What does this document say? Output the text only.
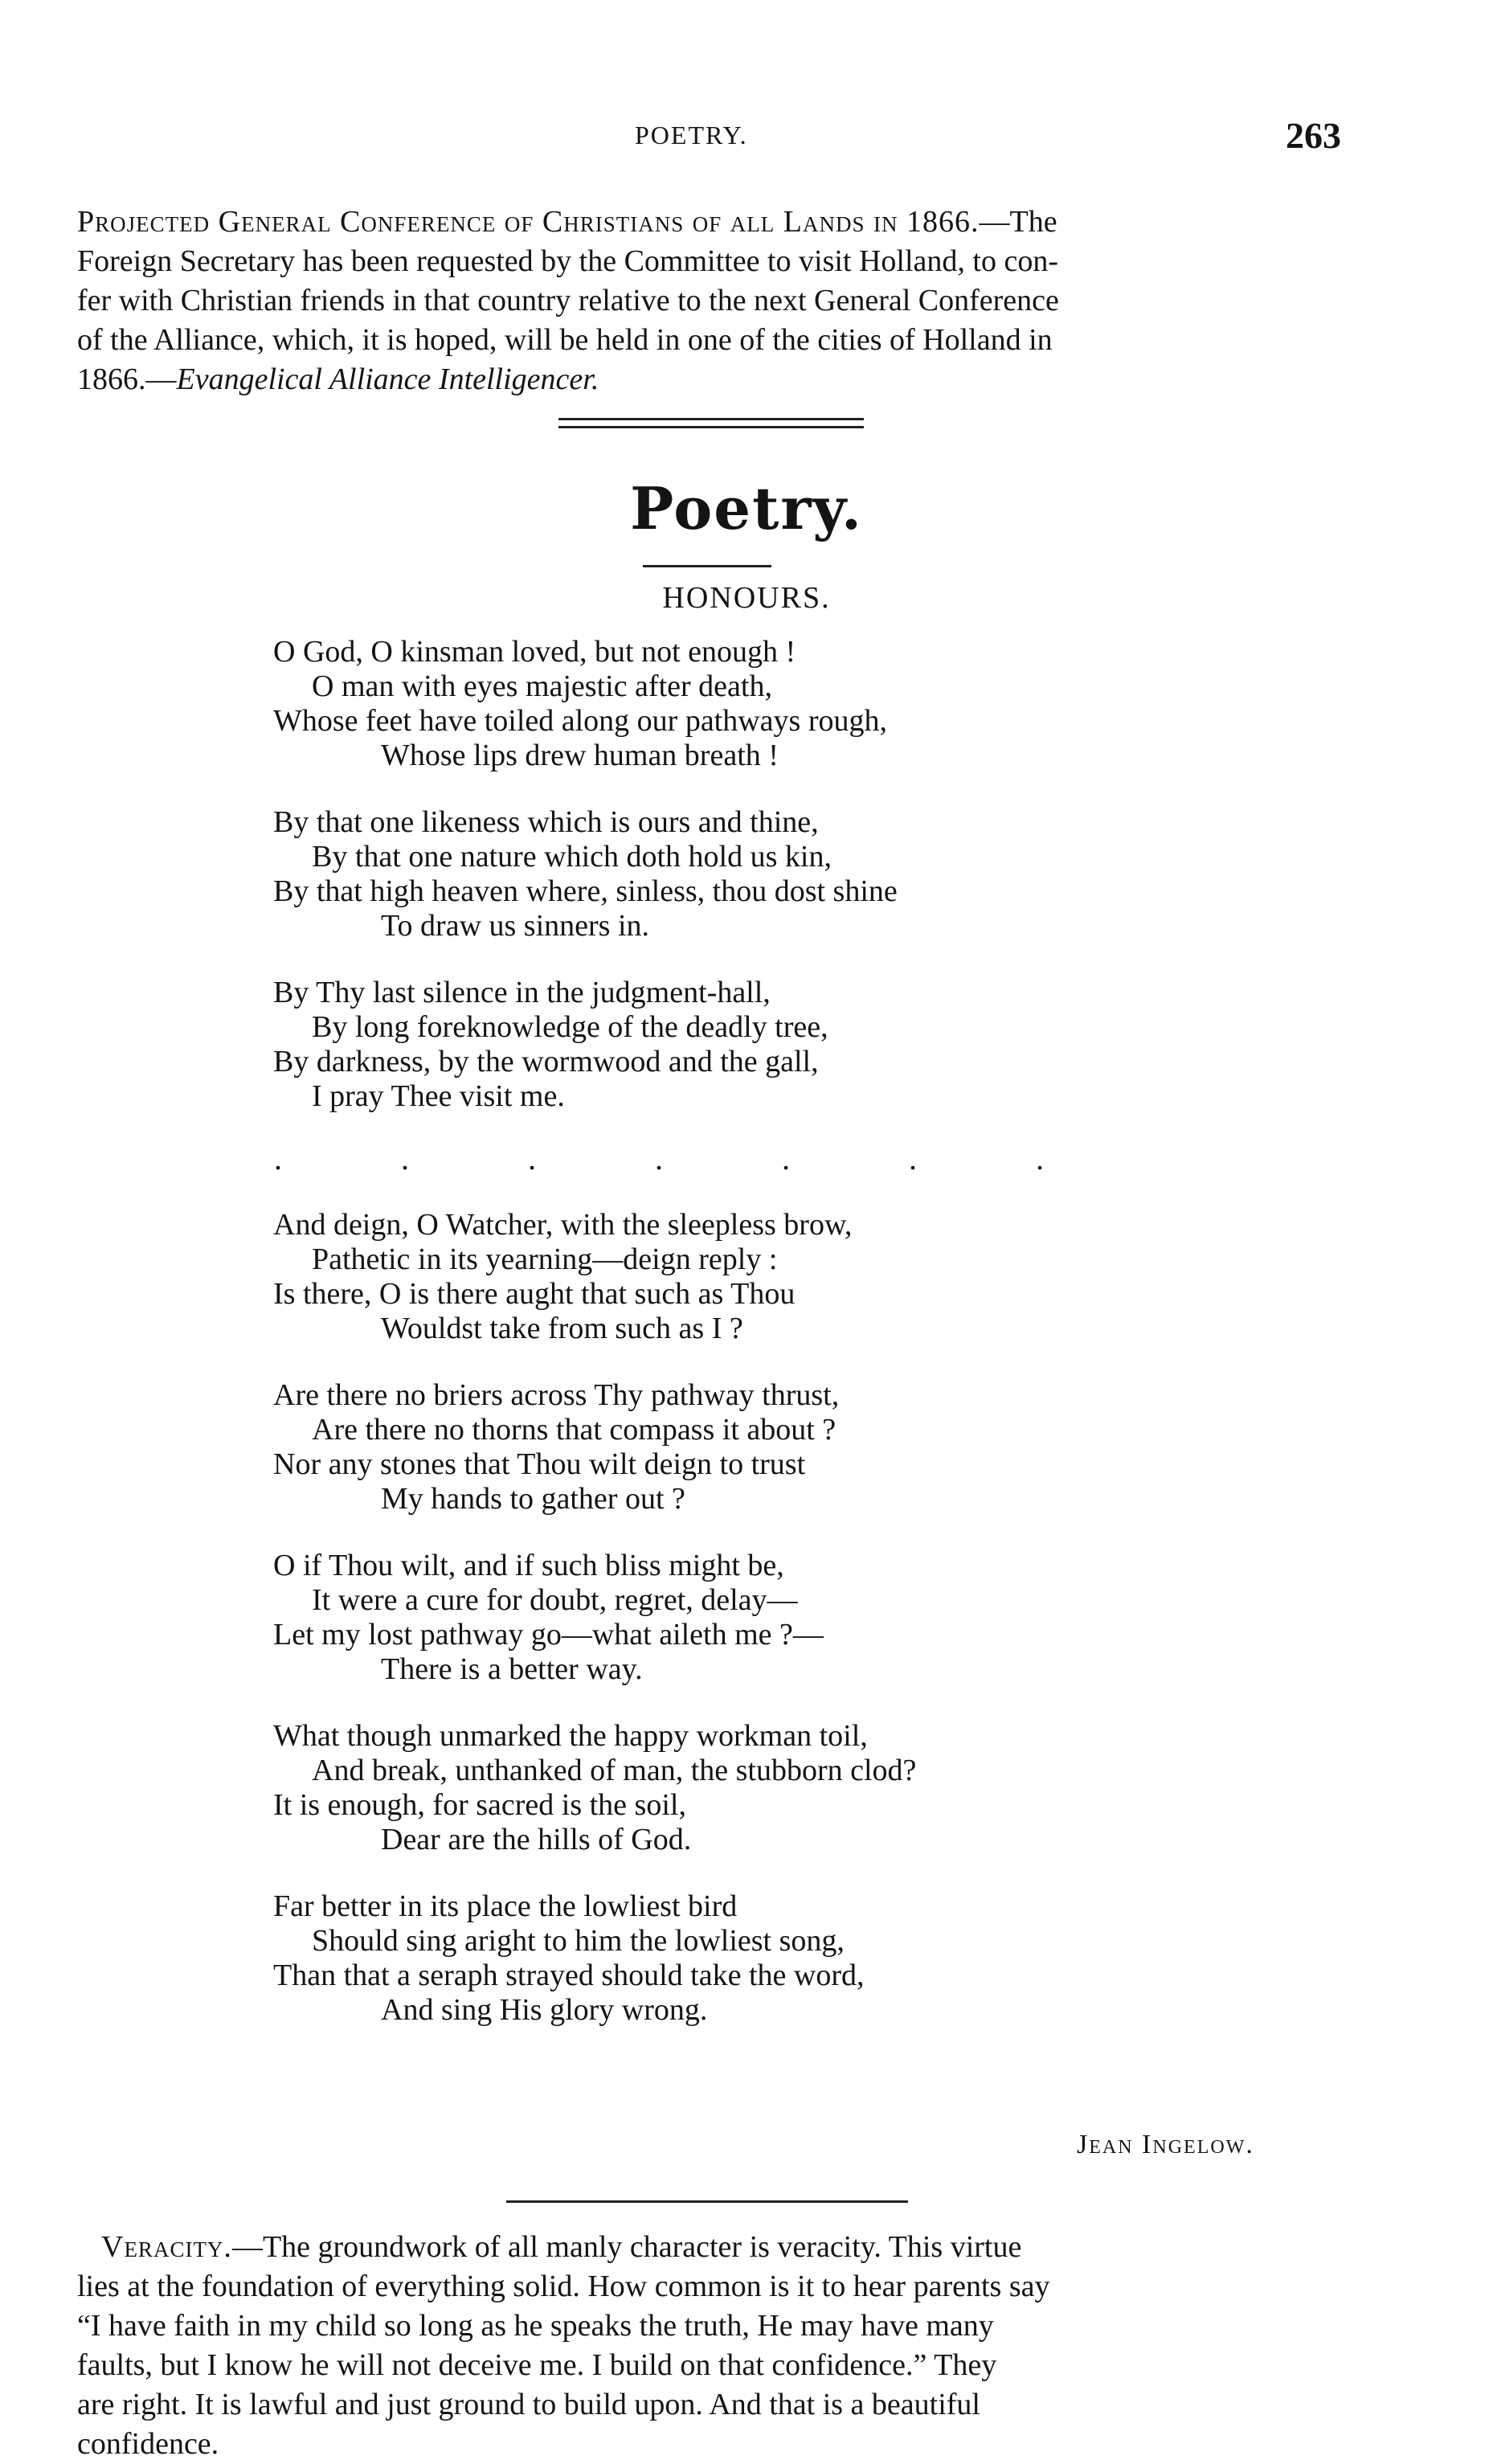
POETRY.	263
Projected General Conference of Christians of all Lands in 1866.—The
Foreign Secretary has been requested by the Committee to visit Holland, to con-
fer with Christian friends in that country relative to the next General Conference
of the Alliance, which, it is hoped, will be held in one of the cities of Holland in
1866.—Evangelical Alliance Intelligencer.
Poetry.
HONOURS.
O God, O kinsman loved, but not enough !
O man with eyes majestic after death,
Whose feet have toiled along our pathways rough,
Whose lips drew human breath !
By that one likeness which is ours and thine,
By that one nature which doth hold us kin,
By that high heaven where, sinless, thou dost shine
To draw us sinners in.
By Thy last silence in the judgment-hall,
By long foreknowledge of the deadly tree,
By darkness, by the wormwood and the gall,
I pray Thee visit me.
.	.	.	.	.	.	.
And deign, O Watcher, with the sleepless brow,
Pathetic in its yearning—deign reply :
Is there, O is there aught that such as Thou
Wouldst take from such as I ?
Are there no briers across Thy pathway thrust,
Are there no thorns that compass it about ?
Nor any stones that Thou wilt deign to trust
My hands to gather out ?
O if Thou wilt, and if such bliss might be,
It were a cure for doubt, regret, delay—
Let my lost pathway go—what aileth me ?—
There is a better way.
What though unmarked the happy workman toil,
And break, unthanked of man, the stubborn clod?
It is enough, for sacred is the soil,
Dear are the hills of God.
Far better in its place the lowliest bird
Should sing aright to him the lowliest song,
Than that a seraph strayed should take the word,
And sing His glory wrong.
Jean Ingelow.
Veracity.—The groundwork of all manly character is veracity. This virtue
lies at the foundation of everything solid. How common is it to hear parents say
“I have faith in my child so long as he speaks the truth, He may have many
faults, but I know he will not deceive me. I build on that confidence.” They
are right. It is lawful and just ground to build upon. And that is a beautiful
confidence.
